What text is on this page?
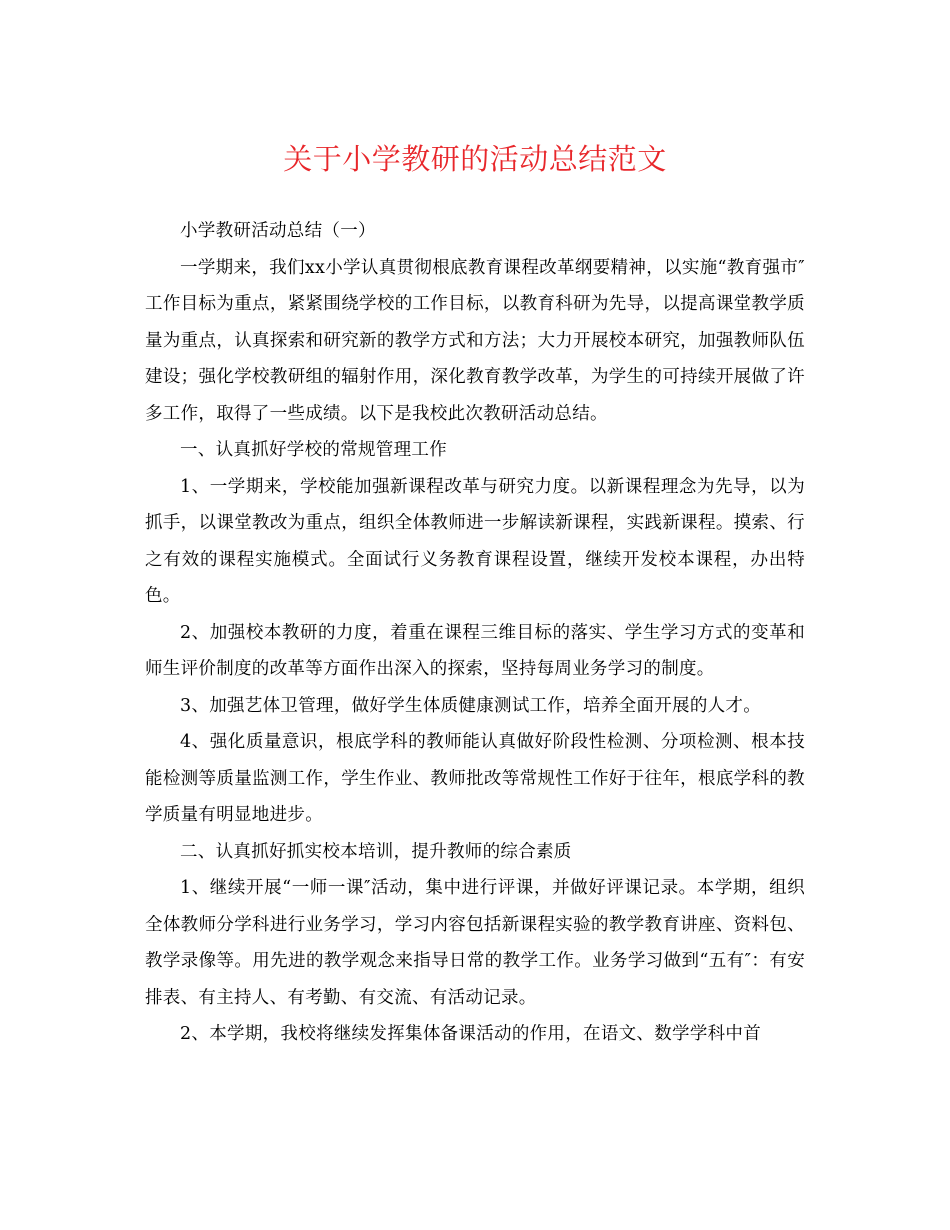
关于小学教研的活动总结范文

小学教研活动总结（一）

一学期来，我们xx小学认真贯彻根底教育课程改革纲要精神，以实施“教育强市″工作目标为重点，紧紧围绕学校的工作目标，以教育科研为先导，以提高课堂教学质量为重点，认真探索和研究新的教学方式和方法；大力开展校本研究，加强教师队伍建设；强化学校教研组的辐射作用，深化教育教学改革，为学生的可持续开展做了许多工作，取得了一些成绩。以下是我校此次教研活动总结。

一、认真抓好学校的常规管理工作

1、一学期来，学校能加强新课程改革与研究力度。以新课程理念为先导，以为抓手，以课堂教改为重点，组织全体教师进一步解读新课程，实践新课程。摸索、行之有效的课程实施模式。全面试行义务教育课程设置，继续开发校本课程，办出特色。

2、加强校本教研的力度，着重在课程三维目标的落实、学生学习方式的变革和师生评价制度的改革等方面作出深入的探索，坚持每周业务学习的制度。

3、加强艺体卫管理，做好学生体质健康测试工作，培养全面开展的人才。

4、强化质量意识，根底学科的教师能认真做好阶段性检测、分项检测、根本技能检测等质量监测工作，学生作业、教师批改等常规性工作好于往年，根底学科的教学质量有明显地进步。

二、认真抓好抓实校本培训，提升教师的综合素质

1、继续开展“一师一课″活动，集中进行评课，并做好评课记录。本学期，组织全体教师分学科进行业务学习，学习内容包括新课程实验的教学教育讲座、资料包、教学录像等。用先进的教学观念来指导日常的教学工作。业务学习做到“五有″：有安排表、有主持人、有考勤、有交流、有活动记录。

2、本学期，我校将继续发挥集体备课活动的作用，在语文、数学学科中首
